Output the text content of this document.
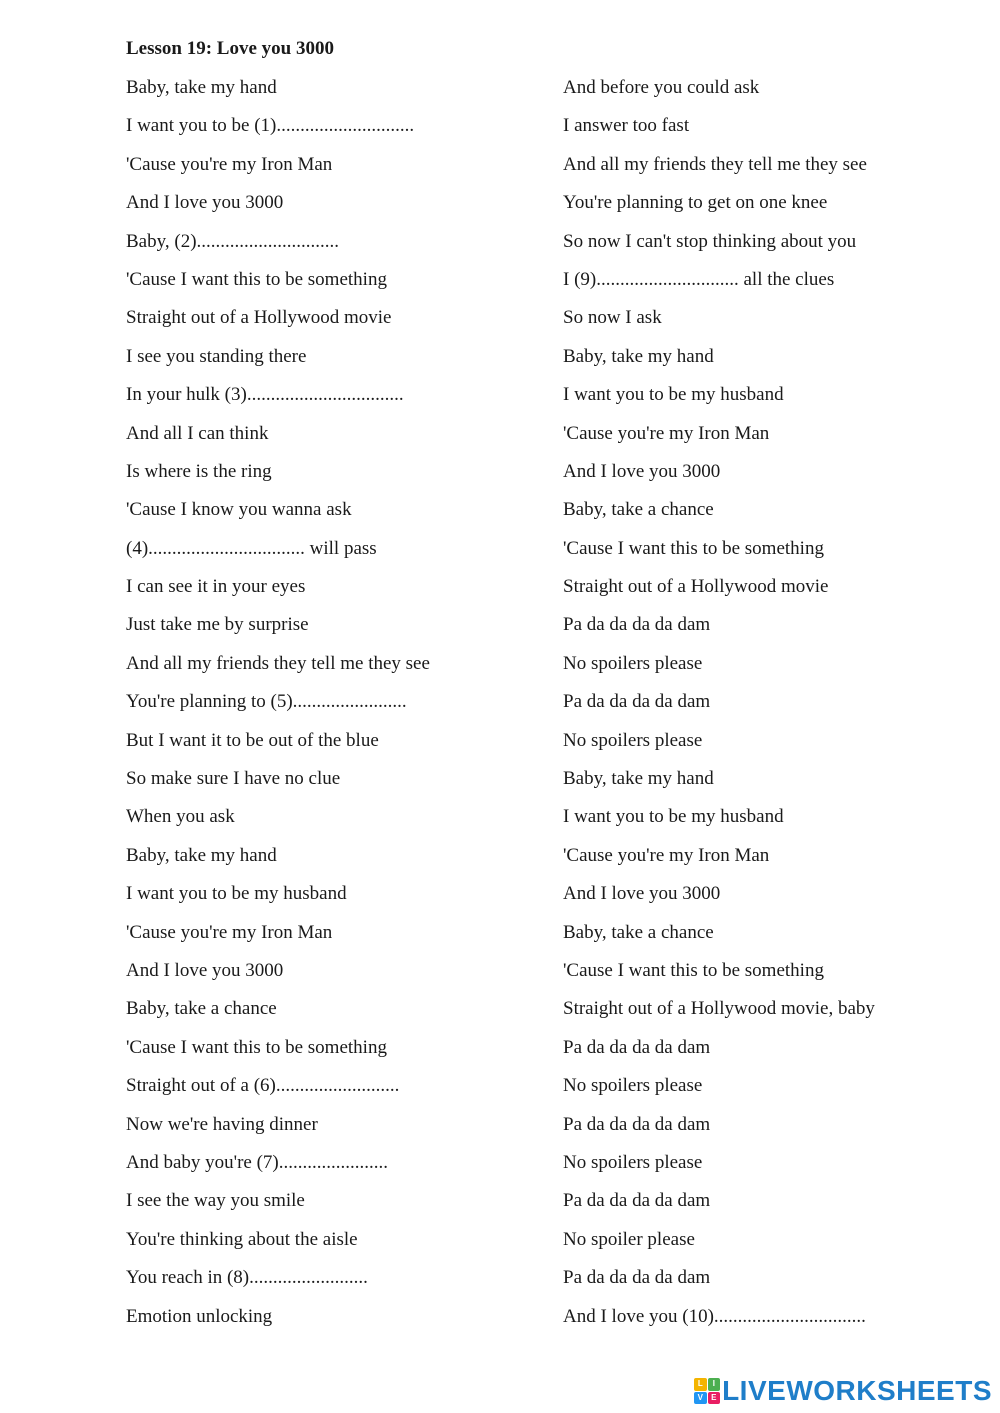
Lesson 19: Love you 3000
Baby, take my hand
I want you to be (1).............................
'Cause you're my Iron Man
And I love you 3000
Baby, (2)..............................
'Cause I want this to be something
Straight out of a Hollywood movie
I see you standing there
In your hulk (3).................................
And all I can think
Is where is the ring
'Cause I know you wanna ask
(4)................................. will pass
I can see it in your eyes
Just take me by surprise
And all my friends they tell me they see
You're planning to (5)........................
But I want it to be out of the blue
So make sure I have no clue
When you ask
Baby, take my hand
I want you to be my husband
'Cause you're my Iron Man
And I love you 3000
Baby, take a chance
'Cause I want this to be something
Straight out of a (6)..........................
Now we're having dinner
And baby you're (7).......................
I see the way you smile
You're thinking about the aisle
You reach in (8).........................
Emotion unlocking
And before you could ask
I answer too fast
And all my friends they tell me they see
You're planning to get on one knee
So now I can't stop thinking about you
I (9).............................. all the clues
So now I ask
Baby, take my hand
I want you to be my husband
'Cause you're my Iron Man
And I love you 3000
Baby, take a chance
'Cause I want this to be something
Straight out of a Hollywood movie
Pa da da da da dam
No spoilers please
Pa da da da da dam
No spoilers please
Baby, take my hand
I want you to be my husband
'Cause you're my Iron Man
And I love you 3000
Baby, take a chance
'Cause I want this to be something
Straight out of a Hollywood movie, baby
Pa da da da da dam
No spoilers please
Pa da da da da dam
No spoilers please
Pa da da da da dam
No spoiler please
Pa da da da da dam
And I love you (10)................................
L	I
V	E LIVEWORKSHEETS
